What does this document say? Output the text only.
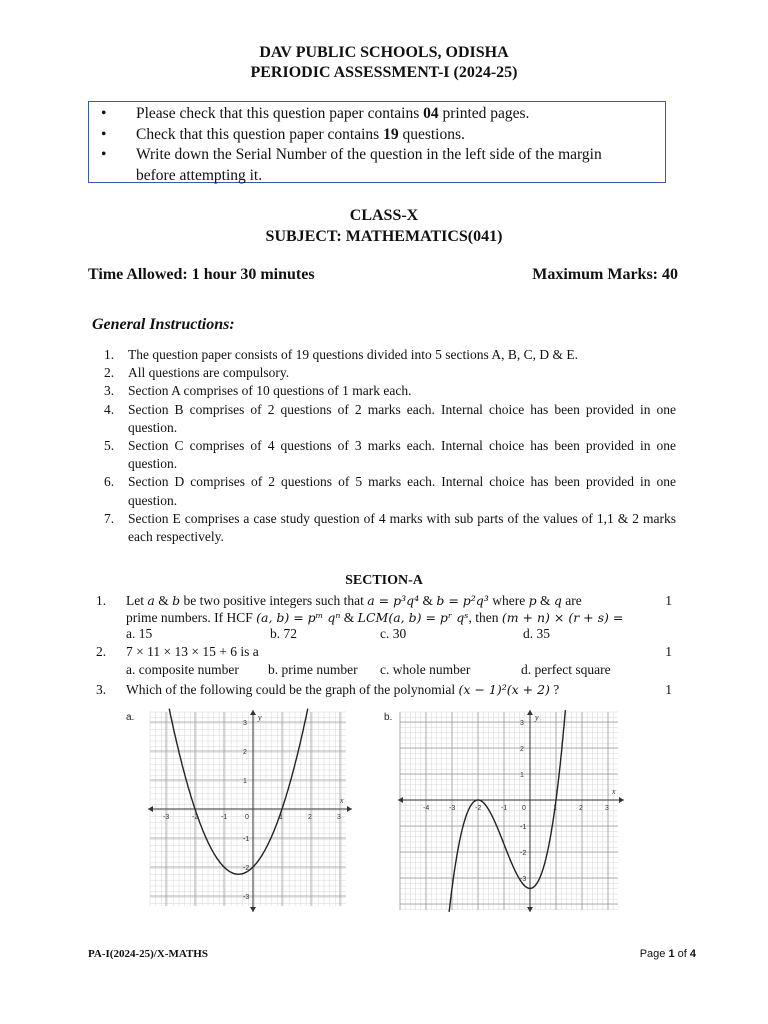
DAV PUBLIC SCHOOLS, ODISHA
PERIODIC ASSESSMENT-I (2024-25)
• Please check that this question paper contains 04 printed pages.
• Check that this question paper contains 19 questions.
• Write down the Serial Number of the question in the left side of the margin before attempting it.
CLASS-X
SUBJECT: MATHEMATICS(041)
Time Allowed: 1 hour 30 minutes	Maximum Marks: 40
General Instructions:
1. The question paper consists of 19 questions divided into 5 sections A, B, C, D & E.
2. All questions are compulsory.
3. Section A comprises of 10 questions of 1 mark each.
4. Section B comprises of 2 questions of 2 marks each. Internal choice has been provided in one question.
5. Section C comprises of 4 questions of 3 marks each. Internal choice has been provided in one question.
6. Section D comprises of 2 questions of 5 marks each. Internal choice has been provided in one question.
7. Section E comprises a case study question of 4 marks with sub parts of the values of 1,1 & 2 marks each respectively.
SECTION-A
1. Let a & b be two positive integers such that a = p³q⁴ & b = p²q³ where p & q are
prime numbers. If HCF (a, b) = pᵐ qⁿ & LCM(a, b) = pʳ qˢ, then (m + n) × (r + s) =
1
a. 15	b. 72	c. 30	d. 35
2. 7 × 11 × 13 × 15 + 6 is a	1
a. composite number b. prime number c. whole number	d. perfect square
3. Which of the following could be the graph of the polynomial (x − 1)²(x + 2) ?	1
a.
x
y
-3	-2	-1	0	1	2	3
3
2
1
-1
-2
-3
b.
x
y
-4	-3	-2	-1 0	1	2	3
3
2
1
-1
-2
-3
PA-I(2024-25)/X-MATHS	Page 1 of 4
